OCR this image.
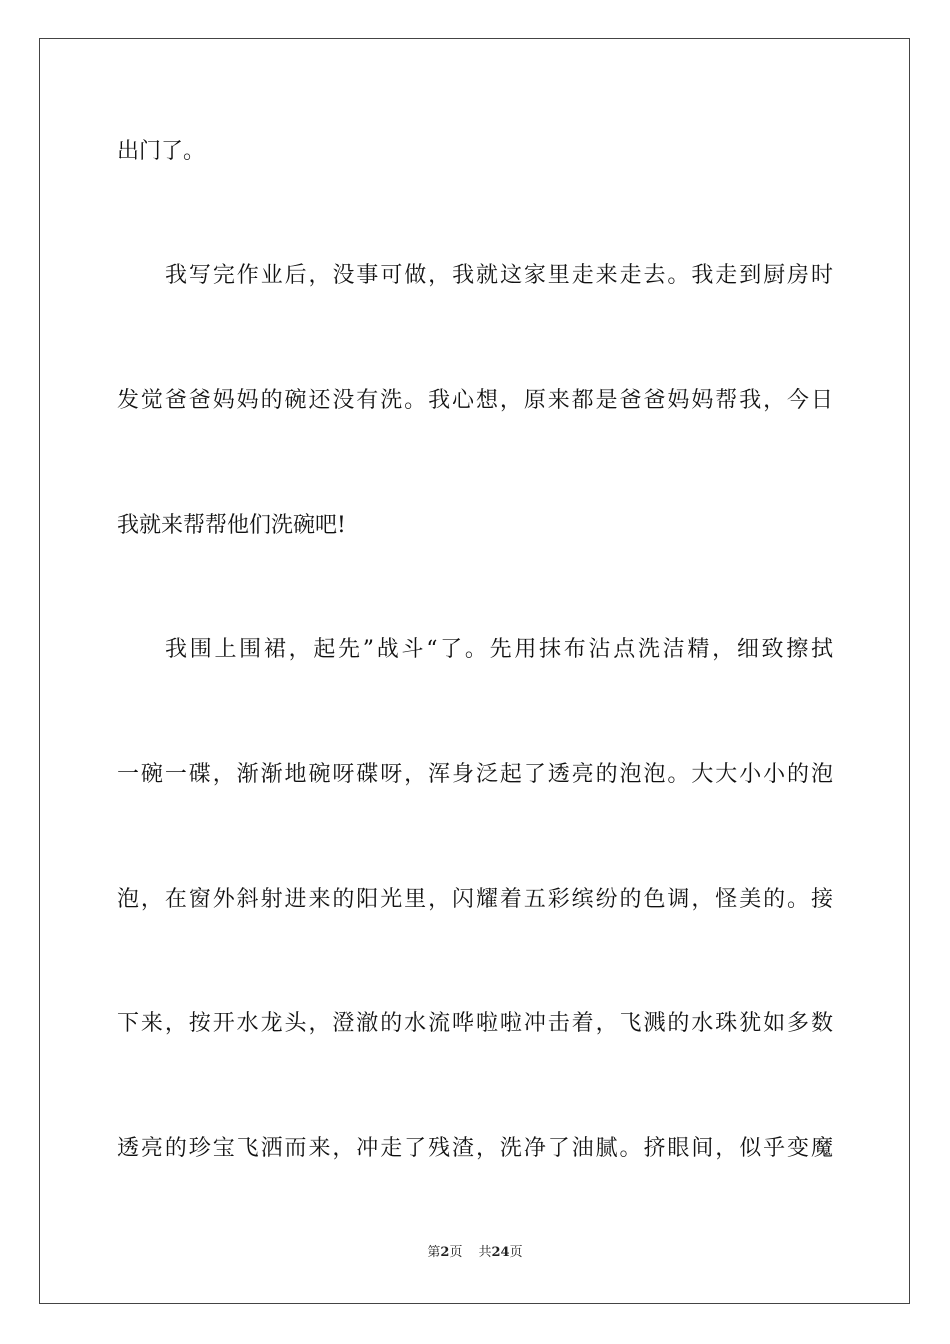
出门了。
我写完作业后，没事可做，我就这家里走来走去。我走到厨房时
发觉爸爸妈妈的碗还没有洗。我心想，原来都是爸爸妈妈帮我，今日
我就来帮帮他们洗碗吧!
我围上围裙，起先”战斗“了。先用抹布沾点洗洁精，细致擦拭
一碗一碟，渐渐地碗呀碟呀，浑身泛起了透亮的泡泡。大大小小的泡
泡，在窗外斜射进来的阳光里，闪耀着五彩缤纷的色调，怪美的。接
下来，按开水龙头，澄澈的水流哗啦啦冲击着，飞溅的水珠犹如多数
透亮的珍宝飞洒而来，冲走了残渣，洗净了油腻。挤眼间，似乎变魔
第2页 共24页
